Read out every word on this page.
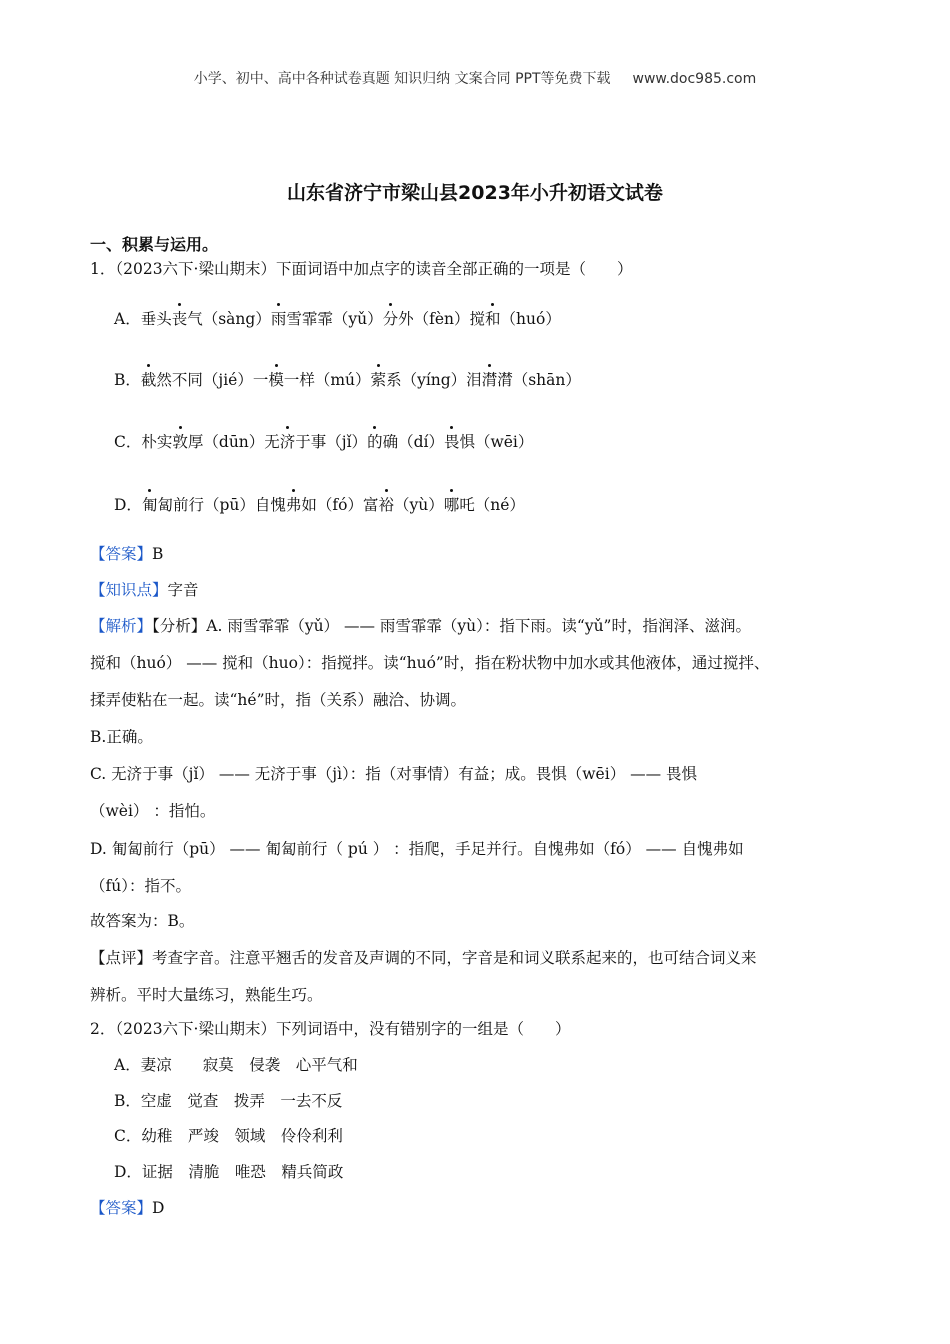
小学、初中、高中各种试卷真题 知识归纳 文案合同 PPT等免费下载 www.doc985.com
山东省济宁市梁山县2023年小升初语文试卷
一、积累与运用。
1．（2023六下·梁山期末）下面词语中加点字的读音全部正确的一项是（　　）
A．垂头丧气（sàng）雨雪霏霏（yǔ）分外（fèn）搅和（huó）
B．截然不同（jié）一模一样（mú）萦系（yíng）泪潸潸（shān）
C．朴实敦厚（dūn）无济于事（jǐ）的确（dí）畏惧（wēi）
D．匍匐前行（pū）自愧弗如（fó）富裕（yù）哪吒（né）
【答案】B
【知识点】字音
【解析】【分析】A. 雨雪霏霏（yǔ） —— 雨雪霏霏（yù）：指下雨。读“yǔ”时，指润泽、滋润。
搅和（huó） —— 搅和（huo）：指搅拌。读“huó”时，指在粉状物中加水或其他液体，通过搅拌、
揉弄使粘在一起。读“hé”时，指（关系）融洽、协调。
B.正确。
C. 无济于事（jǐ） —— 无济于事（jì）：指（对事情）有益；成。畏惧（wēi） —— 畏惧
（wèi） ：指怕。
D. 匍匐前行（pū） —— 匍匐前行（ pú ） ：指爬，手足并行。自愧弗如（fó） —— 自愧弗如
（fú）：指不。
故答案为：B。
【点评】考查字音。注意平翘舌的发音及声调的不同，字音是和词义联系起来的，也可结合词义来
辨析。平时大量练习，熟能生巧。
2．（2023六下·梁山期末）下列词语中，没有错别字的一组是（　　）
A．妻凉　　寂莫　侵袭　心平气和
B．空虚　觉查　拨弄　一去不反
C．幼稚　严竣　领域　伶伶利利
D．证据　清脆　唯恐　精兵简政
【答案】D
